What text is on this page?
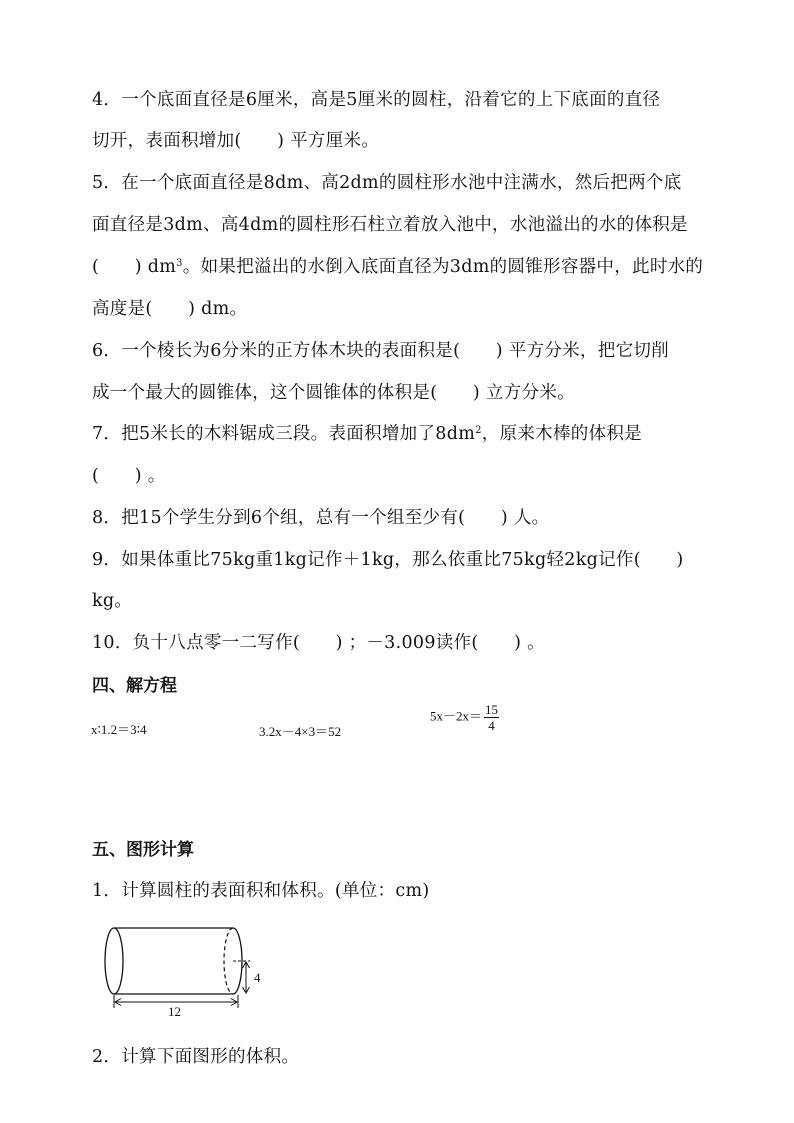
4．一个底面直径是6厘米，高是5厘米的圆柱，沿着它的上下底面的直径
切开，表面积增加(　　) 平方厘米。
5．在一个底面直径是8dm、高2dm的圆柱形水池中注满水，然后把两个底
面直径是3dm、高4dm的圆柱形石柱立着放入池中，水池溢出的水的体积是
(　　) $dm^3$。如果把溢出的水倒入底面直径为3dm的圆锥形容器中，此时水的
高度是(　　) dm。
6．一个棱长为6分米的正方体木块的表面积是(　　) 平方分米，把它切削
成一个最大的圆锥体，这个圆锥体的体积是(　　) 立方分米。
7．把5米长的木料锯成三段。表面积增加了$8dm^2$，原来木棒的体积是
(　　) 。
8．把15个学生分到6个组，总有一个组至少有(　　) 人。
9．如果体重比75kg重1kg记作＋1kg，那么依重比75kg轻2kg记作(　　)
kg。
10．负十八点零一二写作(　　) ；－3.009读作(　　) 。
四、解方程
x∶1.2＝3∶4	3.2x－4×3＝52
$5x-2x= \frac{15}{4}$
五、图形计算
1．计算圆柱的表面积和体积。(单位：cm)
4
12
2．计算下面图形的体积。
